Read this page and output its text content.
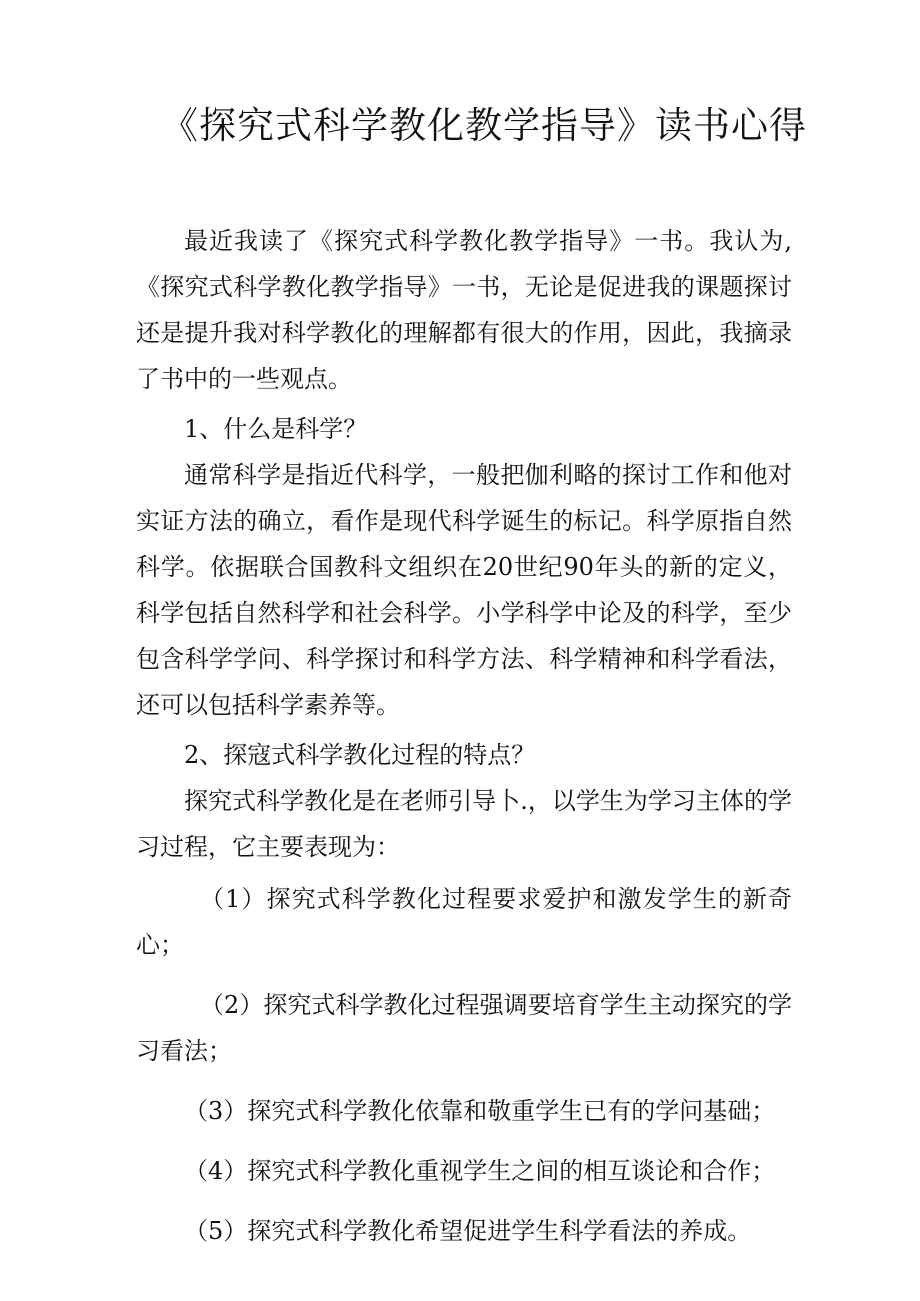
《探究式科学教化教学指导》读书心得

最近我读了《探究式科学教化教学指导》一书。我认为,《探究式科学教化教学指导》一书，无论是促进我的课题探讨还是提升我对科学教化的理解都有很大的作用，因此，我摘录了书中的一些观点。

1、什么是科学？

通常科学是指近代科学，一般把伽利略的探讨工作和他对实证方法的确立，看作是现代科学诞生的标记。科学原指自然科学。依据联合国教科文组织在20世纪90年头的新的定义，科学包括自然科学和社会科学。小学科学中论及的科学，至少包含科学学问、科学探讨和科学方法、科学精神和科学看法，还可以包括科学素养等。

2、探寇式科学教化过程的特点？

探究式科学教化是在老师引导卜.，以学生为学习主体的学习过程，它主要表现为：

（1）探究式科学教化过程要求爱护和激发学生的新奇心；

（2）探究式科学教化过程强调要培育学生主动探究的学习看法；

（3）探究式科学教化依靠和敬重学生已有的学问基础；

（4）探究式科学教化重视学生之间的相互谈论和合作；

（5）探究式科学教化希望促进学生科学看法的养成。
